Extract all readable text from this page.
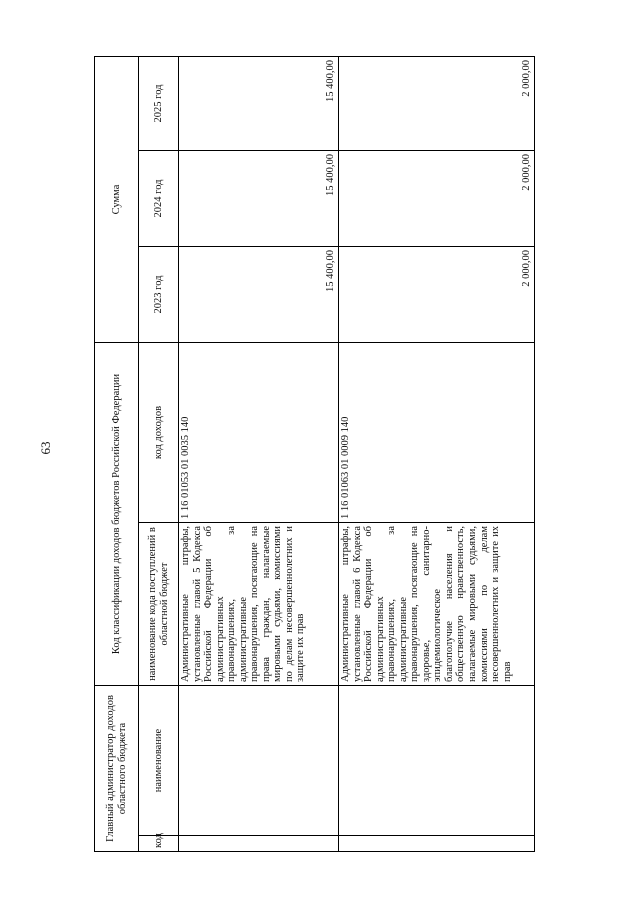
63
Главный администратор доходов областного бюджета		Код классификации доходов бюджетов Российской Федерации		Сумма		
код	наименование	наименование кода поступлений в областной бюджет	код доходов	2023 год	2024 год	2025 год
		Административные штрафы, установленные главой 5 Кодекса Российской Федерации об административных правонарушениях, за административные правонарушения, посягающие на права граждан, налагаемые мировыми судьями, комиссиями по делам несовершеннолетних и защите их прав	1 16 01053 01 0035 140	15 400,00	15 400,00	15 400,00
		Административные штрафы, установленные главой 6 Кодекса Российской Федерации об административных правонарушениях, за административные правонарушения, посягающие на здоровье, санитарно-эпидемиологическое благополучие населения и общественную нравственность, налагаемые мировыми судьями, комиссиями по делам несовершеннолетних и защите их прав	1 16 01063 01 0009 140	2 000,00	2 000,00	2 000,00
